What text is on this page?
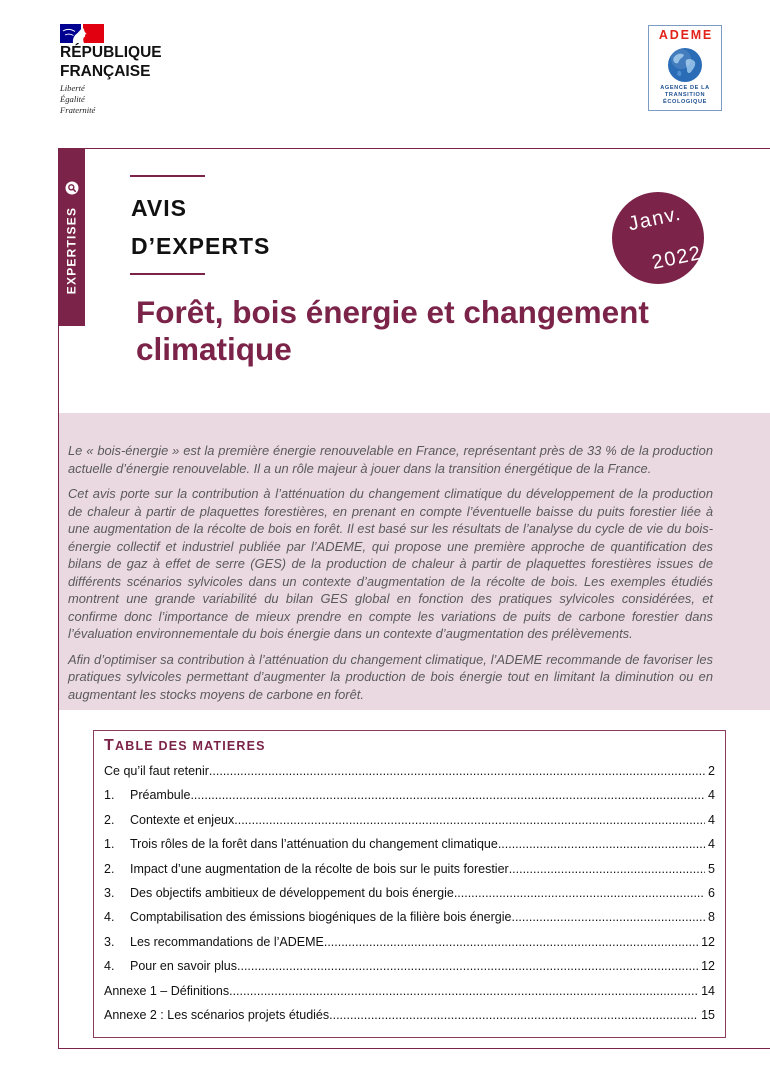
RÉPUBLIQUE
FRANÇAISE
Liberté
Égalité
Fraternité
ADEME
AGENCE DE LA
TRANSITION
ÉCOLOGIQUE

Le « bois-énergie » est la première énergie renouvelable en France, représentant près de 33 % de la production actuelle d’énergie renouvelable. Il a un rôle majeur à jouer dans la transition énergétique de la France.

Cet avis porte sur la contribution à l’atténuation du changement climatique du développement de la production de chaleur à partir de plaquettes forestières, en prenant en compte l’éventuelle baisse du puits forestier liée à une augmentation de la récolte de bois en forêt. Il est basé sur les résultats de l’analyse du cycle de vie du bois-énergie collectif et industriel publiée par l’ADEME, qui propose une première approche de quantification des bilans de gaz à effet de serre (GES) de la production de chaleur à partir de plaquettes forestières issues de différents scénarios sylvicoles dans un contexte d’augmentation de la récolte de bois. Les exemples étudiés montrent une grande variabilité du bilan GES global en fonction des pratiques sylvicoles considérées, et confirme donc l’importance de mieux prendre en compte les variations de puits de carbone forestier dans l’évaluation environnementale du bois énergie dans un contexte d’augmentation des prélèvements.

Afin d’optimiser sa contribution à l’atténuation du changement climatique, l’ADEME recommande de favoriser les pratiques sylvicoles permettant d’augmenter la production de bois énergie tout en limitant la diminution ou en augmentant les stocks moyens de carbone en forêt.

EXPERTISES	AVIS
D’EXPERTS
Janv.
2022
Forêt, bois énergie et changement climatique
TABLE DES MATIERES
Ce qu’il faut retenir .....	2
1.	Préambule .....	4
2.	Contexte et enjeux .....	4
1.	Trois rôles de la forêt dans l’atténuation du changement climatique .....	4
2.	Impact d’une augmentation de la récolte de bois sur le puits forestier .....	5
3.	Des objectifs ambitieux de développement du bois énergie .....	6
4.	Comptabilisation des émissions biogéniques de la filière bois énergie .....	8
3.	Les recommandations de l’ADEME .....	12
4.	Pour en savoir plus .....	12
Annexe 1 – Définitions .....	14
Annexe 2 : Les scénarios projets étudiés .....	15
